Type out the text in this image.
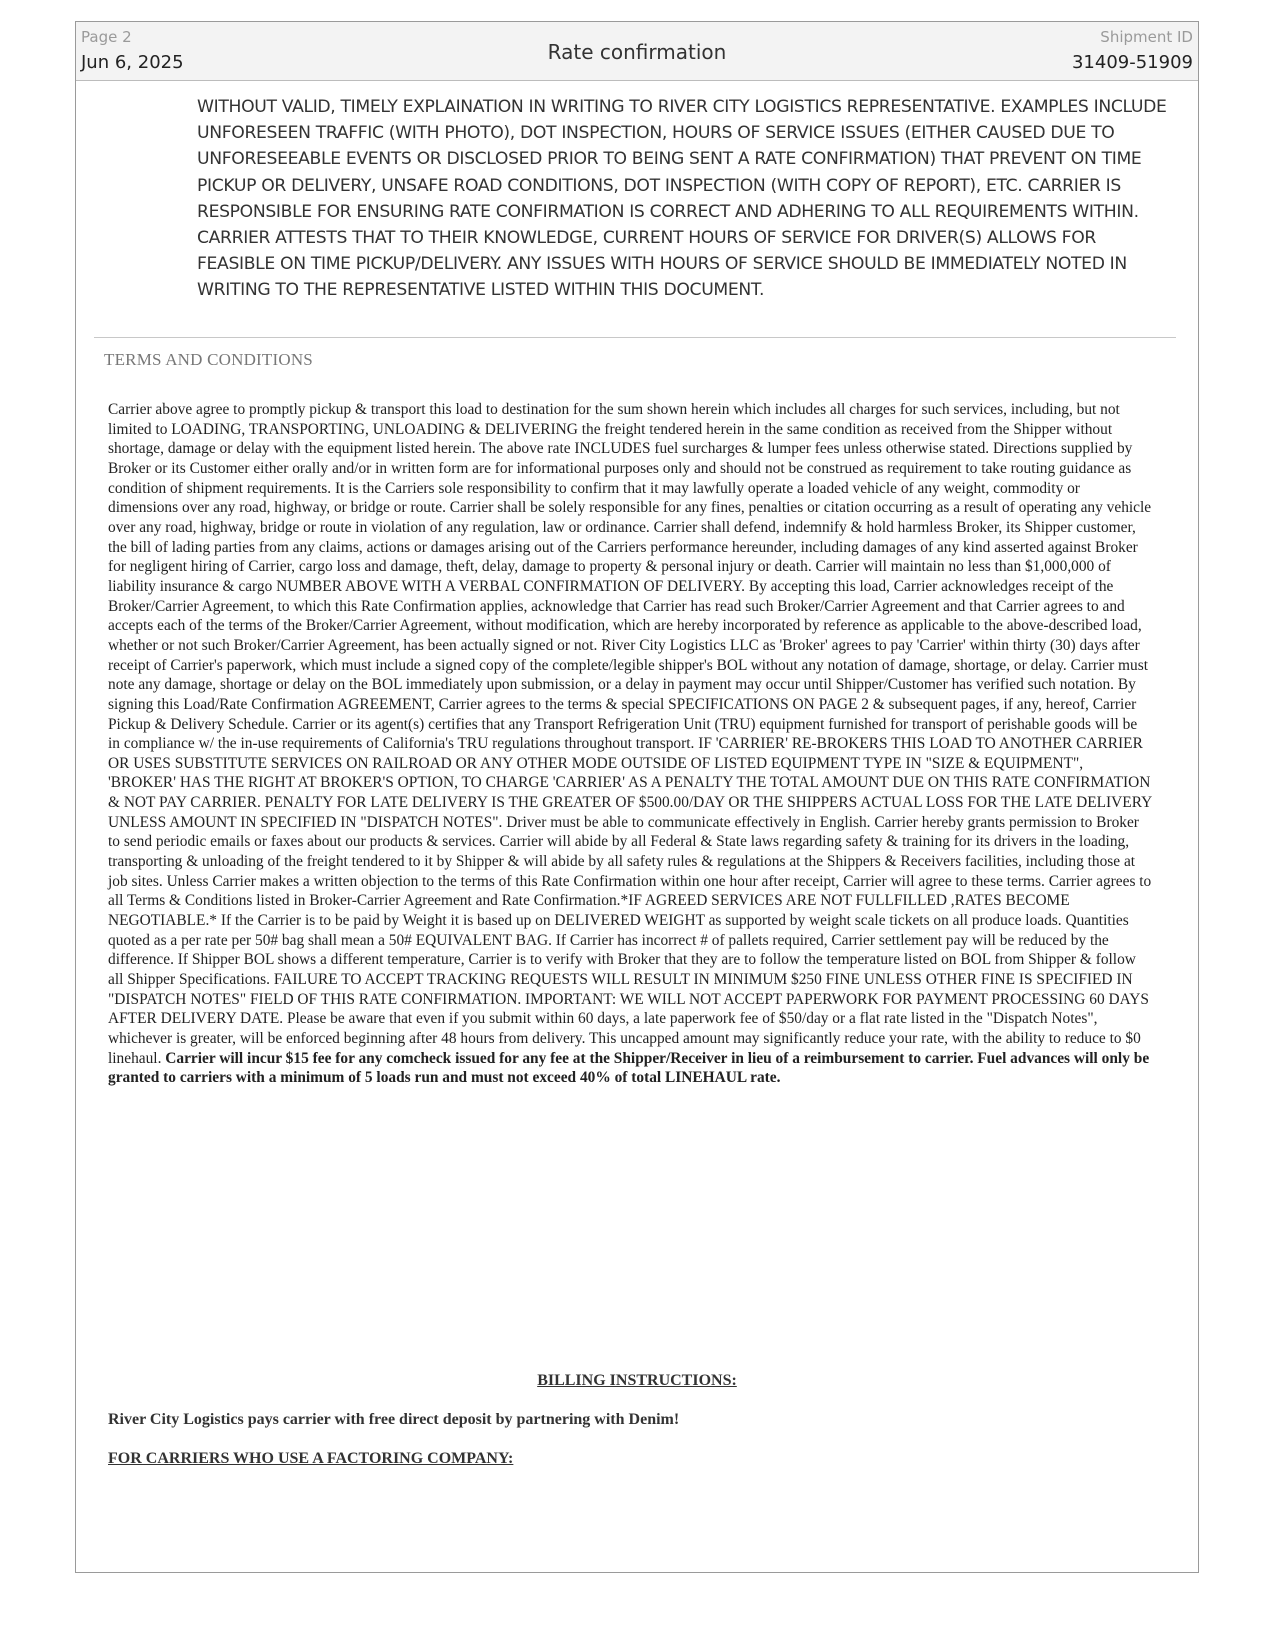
Page 2
Jun 6, 2025	Rate confirmation
Shipment ID
31409-51909
WITHOUT VALID, TIMELY EXPLAINATION IN WRITING TO RIVER CITY LOGISTICS REPRESENTATIVE. EXAMPLES INCLUDE UNFORESEEN TRAFFIC (WITH PHOTO), DOT INSPECTION, HOURS OF SERVICE ISSUES (EITHER CAUSED DUE TO UNFORESEEABLE EVENTS OR DISCLOSED PRIOR TO BEING SENT A RATE CONFIRMATION) THAT PREVENT ON TIME PICKUP OR DELIVERY, UNSAFE ROAD CONDITIONS, DOT INSPECTION (WITH COPY OF REPORT), ETC. CARRIER IS RESPONSIBLE FOR ENSURING RATE CONFIRMATION IS CORRECT AND ADHERING TO ALL REQUIREMENTS WITHIN. CARRIER ATTESTS THAT TO THEIR KNOWLEDGE, CURRENT HOURS OF SERVICE FOR DRIVER(S) ALLOWS FOR FEASIBLE ON TIME PICKUP/DELIVERY. ANY ISSUES WITH HOURS OF SERVICE SHOULD BE IMMEDIATELY NOTED IN WRITING TO THE REPRESENTATIVE LISTED WITHIN THIS DOCUMENT.
TERMS AND CONDITIONS
Carrier above agree to promptly pickup & transport this load to destination for the sum shown herein which includes all charges for such services, including, but not limited to LOADING, TRANSPORTING, UNLOADING & DELIVERING the freight tendered herein in the same condition as received from the Shipper without shortage, damage or delay with the equipment listed herein. The above rate INCLUDES fuel surcharges & lumper fees unless otherwise stated. Directions supplied by Broker or its Customer either orally and/or in written form are for informational purposes only and should not be construed as requirement to take routing guidance as condition of shipment requirements. It is the Carriers sole responsibility to confirm that it may lawfully operate a loaded vehicle of any weight, commodity or dimensions over any road, highway, or bridge or route. Carrier shall be solely responsible for any fines, penalties or citation occurring as a result of operating any vehicle over any road, highway, bridge or route in violation of any regulation, law or ordinance. Carrier shall defend, indemnify & hold harmless Broker, its Shipper customer, the bill of lading parties from any claims, actions or damages arising out of the Carriers performance hereunder, including damages of any kind asserted against Broker for negligent hiring of Carrier, cargo loss and damage, theft, delay, damage to property & personal injury or death. Carrier will maintain no less than $1,000,000 of liability insurance & cargo NUMBER ABOVE WITH A VERBAL CONFIRMATION OF DELIVERY. By accepting this load, Carrier acknowledges receipt of the Broker/Carrier Agreement, to which this Rate Confirmation applies, acknowledge that Carrier has read such Broker/Carrier Agreement and that Carrier agrees to and accepts each of the terms of the Broker/Carrier Agreement, without modification, which are hereby incorporated by reference as applicable to the above-described load, whether or not such Broker/Carrier Agreement, has been actually signed or not. River City Logistics LLC as 'Broker' agrees to pay 'Carrier' within thirty (30) days after receipt of Carrier's paperwork, which must include a signed copy of the complete/legible shipper's BOL without any notation of damage, shortage, or delay. Carrier must note any damage, shortage or delay on the BOL immediately upon submission, or a delay in payment may occur until Shipper/Customer has verified such notation. By signing this Load/Rate Confirmation AGREEMENT, Carrier agrees to the terms & special SPECIFICATIONS ON PAGE 2 & subsequent pages, if any, hereof, Carrier Pickup & Delivery Schedule. Carrier or its agent(s) certifies that any Transport Refrigeration Unit (TRU) equipment furnished for transport of perishable goods will be in compliance w/ the in-use requirements of California's TRU regulations throughout transport. IF 'CARRIER' RE-BROKERS THIS LOAD TO ANOTHER CARRIER OR USES SUBSTITUTE SERVICES ON RAILROAD OR ANY OTHER MODE OUTSIDE OF LISTED EQUIPMENT TYPE IN "SIZE & EQUIPMENT", 'BROKER' HAS THE RIGHT AT BROKER'S OPTION, TO CHARGE 'CARRIER' AS A PENALTY THE TOTAL AMOUNT DUE ON THIS RATE CONFIRMATION & NOT PAY CARRIER. PENALTY FOR LATE DELIVERY IS THE GREATER OF $500.00/DAY OR THE SHIPPERS ACTUAL LOSS FOR THE LATE DELIVERY UNLESS AMOUNT IN SPECIFIED IN "DISPATCH NOTES". Driver must be able to communicate effectively in English. Carrier hereby grants permission to Broker to send periodic emails or faxes about our products & services. Carrier will abide by all Federal & State laws regarding safety & training for its drivers in the loading, transporting & unloading of the freight tendered to it by Shipper & will abide by all safety rules & regulations at the Shippers & Receivers facilities, including those at job sites. Unless Carrier makes a written objection to the terms of this Rate Confirmation within one hour after receipt, Carrier will agree to these terms. Carrier agrees to all Terms & Conditions listed in Broker-Carrier Agreement and Rate Confirmation.*IF AGREED SERVICES ARE NOT FULLFILLED ,RATES BECOME NEGOTIABLE.* If the Carrier is to be paid by Weight it is based up on DELIVERED WEIGHT as supported by weight scale tickets on all produce loads. Quantities quoted as a per rate per 50# bag shall mean a 50# EQUIVALENT BAG. If Carrier has incorrect # of pallets required, Carrier settlement pay will be reduced by the difference. If Shipper BOL shows a different temperature, Carrier is to verify with Broker that they are to follow the temperature listed on BOL from Shipper & follow all Shipper Specifications. FAILURE TO ACCEPT TRACKING REQUESTS WILL RESULT IN MINIMUM $250 FINE UNLESS OTHER FINE IS SPECIFIED IN "DISPATCH NOTES" FIELD OF THIS RATE CONFIRMATION. IMPORTANT: WE WILL NOT ACCEPT PAPERWORK FOR PAYMENT PROCESSING 60 DAYS AFTER DELIVERY DATE. Please be aware that even if you submit within 60 days, a late paperwork fee of $50/day or a flat rate listed in the "Dispatch Notes", whichever is greater, will be enforced beginning after 48 hours from delivery. This uncapped amount may significantly reduce your rate, with the ability to reduce to $0 linehaul. Carrier will incur $15 fee for any comcheck issued for any fee at the Shipper/Receiver in lieu of a reimbursement to carrier. Fuel advances will only be granted to carriers with a minimum of 5 loads run and must not exceed 40% of total LINEHAUL rate.
BILLING INSTRUCTIONS:
River City Logistics pays carrier with free direct deposit by partnering with Denim!
FOR CARRIERS WHO USE A FACTORING COMPANY:
